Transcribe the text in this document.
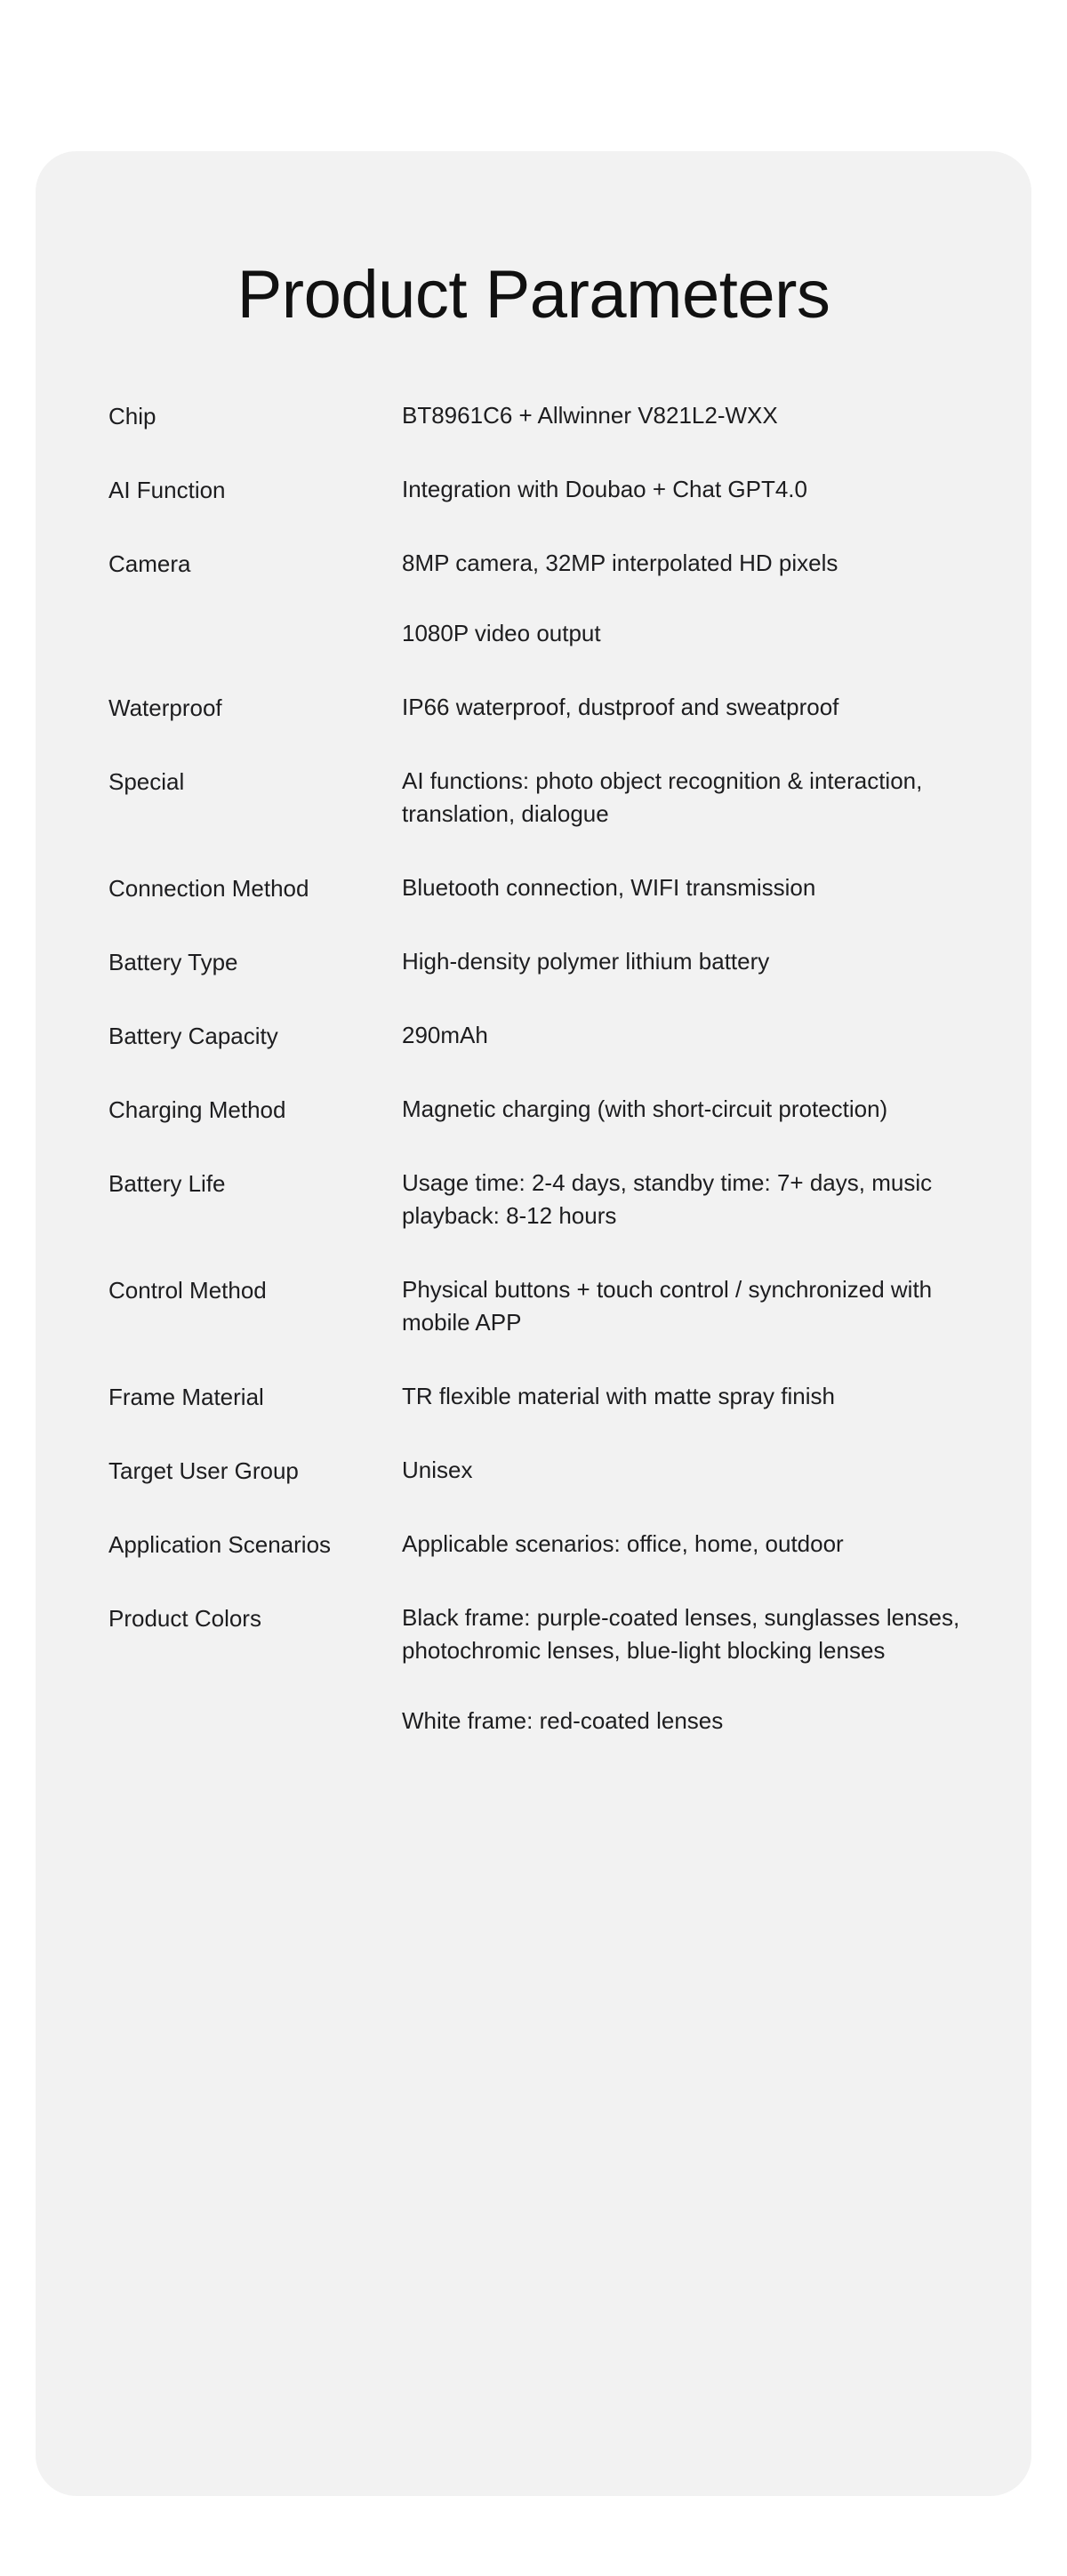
Product Parameters
Chip	BT8961C6 + Allwinner V821L2-WXX
AI Function	Integration with Doubao + Chat GPT4.0
Camera	8MP camera, 32MP interpolated HD pixels
1080P video output
Waterproof	IP66 waterproof, dustproof and sweatproof
Special	AI functions: photo object recognition & interaction, translation, dialogue
Connection Method	Bluetooth connection, WIFI transmission
Battery Type	High-density polymer lithium battery
Battery Capacity	290mAh
Charging Method	Magnetic charging (with short-circuit protection)
Battery Life	Usage time: 2-4 days, standby time: 7+ days, music playback: 8-12 hours
Control Method	Physical buttons + touch control / synchronized with mobile APP
Frame Material	TR flexible material with matte spray finish
Target User Group	Unisex
Application Scenarios	Applicable scenarios: office, home, outdoor
Product Colors	Black frame: purple-coated lenses, sunglasses lenses, photochromic lenses, blue-light blocking lenses
White frame: red-coated lenses
